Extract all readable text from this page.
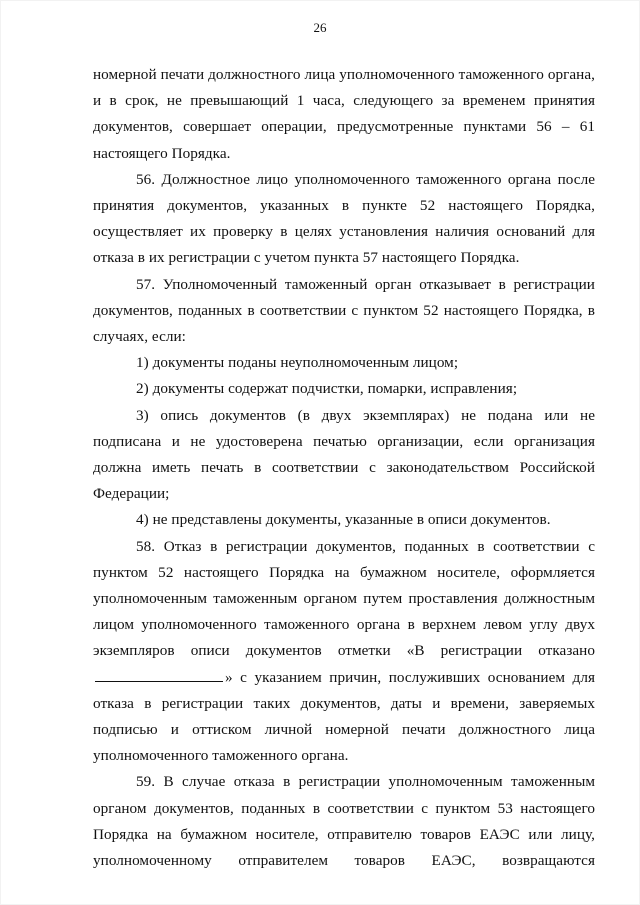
26

номерной печати должностного лица уполномоченного таможенного органа, и в срок, не превышающий 1 часа, следующего за временем принятия документов, совершает операции, предусмотренные пунктами 56 – 61 настоящего Порядка.

56. Должностное лицо уполномоченного таможенного органа после принятия документов, указанных в пункте 52 настоящего Порядка, осуществляет их проверку в целях установления наличия оснований для отказа в их регистрации с учетом пункта 57 настоящего Порядка.

57. Уполномоченный таможенный орган отказывает в регистрации документов, поданных в соответствии с пунктом 52 настоящего Порядка, в случаях, если:

1) документы поданы неуполномоченным лицом;

2) документы содержат подчистки, помарки, исправления;

3) опись документов (в двух экземплярах) не подана или не подписана и не удостоверена печатью организации, если организация должна иметь печать в соответствии с законодательством Российской Федерации;

4) не представлены документы, указанные в описи документов.

58. Отказ в регистрации документов, поданных в соответствии с пунктом 52 настоящего Порядка на бумажном носителе, оформляется уполномоченным таможенным органом путем проставления должностным лицом уполномоченного таможенного органа в верхнем левом углу двух экземпляров описи документов отметки «В регистрации отказано» с указанием причин, послуживших основанием для отказа в регистрации таких документов, даты и времени, заверяемых подписью и оттиском личной номерной печати должностного лица уполномоченного таможенного органа.

59. В случае отказа в регистрации уполномоченным таможенным органом документов, поданных в соответствии с пунктом 53 настоящего Порядка на бумажном носителе, отправителю товаров ЕАЭС или лицу, уполномоченному отправителем товаров ЕАЭС, возвращаются
